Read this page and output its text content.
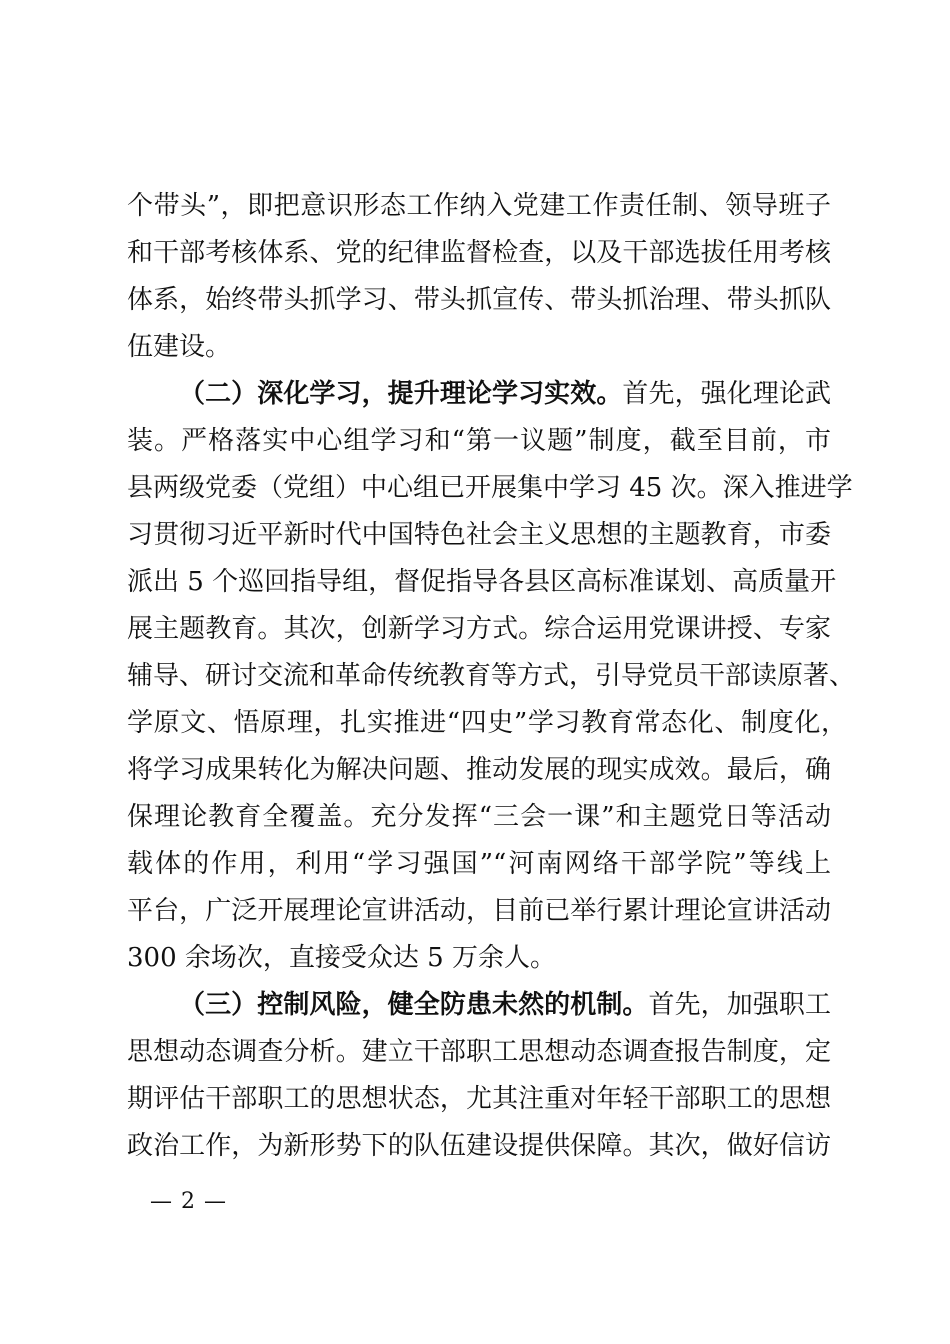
个带头”，即把意识形态工作纳入党建工作责任制、领导班子
和干部考核体系、党的纪律监督检查，以及干部选拔任用考核
体系，始终带头抓学习、带头抓宣传、带头抓治理、带头抓队
伍建设。
（二）深化学习，提升理论学习实效。首先，强化理论武
装。严格落实中心组学习和“第一议题”制度，截至目前，市
县两级党委（党组）中心组已开展集中学习 45 次。深入推进学
习贯彻习近平新时代中国特色社会主义思想的主题教育，市委
派出 5 个巡回指导组，督促指导各县区高标准谋划、高质量开
展主题教育。其次，创新学习方式。综合运用党课讲授、专家
辅导、研讨交流和革命传统教育等方式，引导党员干部读原著、
学原文、悟原理，扎实推进“四史”学习教育常态化、制度化，
将学习成果转化为解决问题、推动发展的现实成效。最后，确
保理论教育全覆盖。充分发挥“三会一课”和主题党日等活动
载体的作用，利用“学习强国”“河南网络干部学院”等线上
平台，广泛开展理论宣讲活动，目前已举行累计理论宣讲活动
300 余场次，直接受众达 5 万余人。
（三）控制风险，健全防患未然的机制。首先，加强职工
思想动态调查分析。建立干部职工思想动态调查报告制度，定
期评估干部职工的思想状态，尤其注重对年轻干部职工的思想
政治工作，为新形势下的队伍建设提供保障。其次，做好信访
— 2 —
